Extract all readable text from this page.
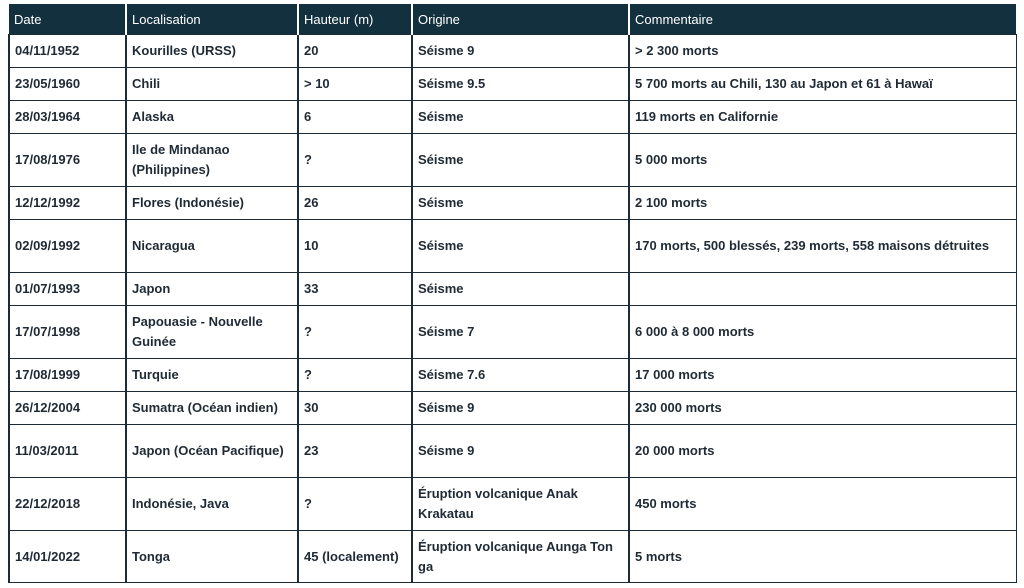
Date	Localisation	Hauteur (m)	Origine	Commentaire
04/11/1952	Kourilles (URSS)	20	Séisme 9	> 2 300 morts
23/05/1960	Chili	> 10	Séisme 9.5	5 700 morts au Chili, 130 au Japon et 61 à Hawaï
28/03/1964	Alaska	6	Séisme	119 morts en Californie
17/08/1976	Ile de Mindanao (Philippines)	?	Séisme	5 000 morts
12/12/1992	Flores (Indonésie)	26	Séisme	2 100 morts
02/09/1992	Nicaragua	10	Séisme	170 morts, 500 blessés, 239 morts, 558 maisons détruites
01/07/1993	Japon	33	Séisme	
17/07/1998	Papouasie - Nouvelle Guinée	?	Séisme 7	6 000 à 8 000 morts
17/08/1999	Turquie	?	Séisme 7.6	17 000 morts
26/12/2004	Sumatra (Océan indien)	30	Séisme 9	230 000 morts
11/03/2011	Japon (Océan Pacifique)	23	Séisme 9	20 000 morts
22/12/2018	Indonésie, Java	?	Éruption volcanique Anak Krakatau	450 morts
14/01/2022	Tonga	45 (localement)	Éruption volcanique Aunga Ton ga	5 morts
